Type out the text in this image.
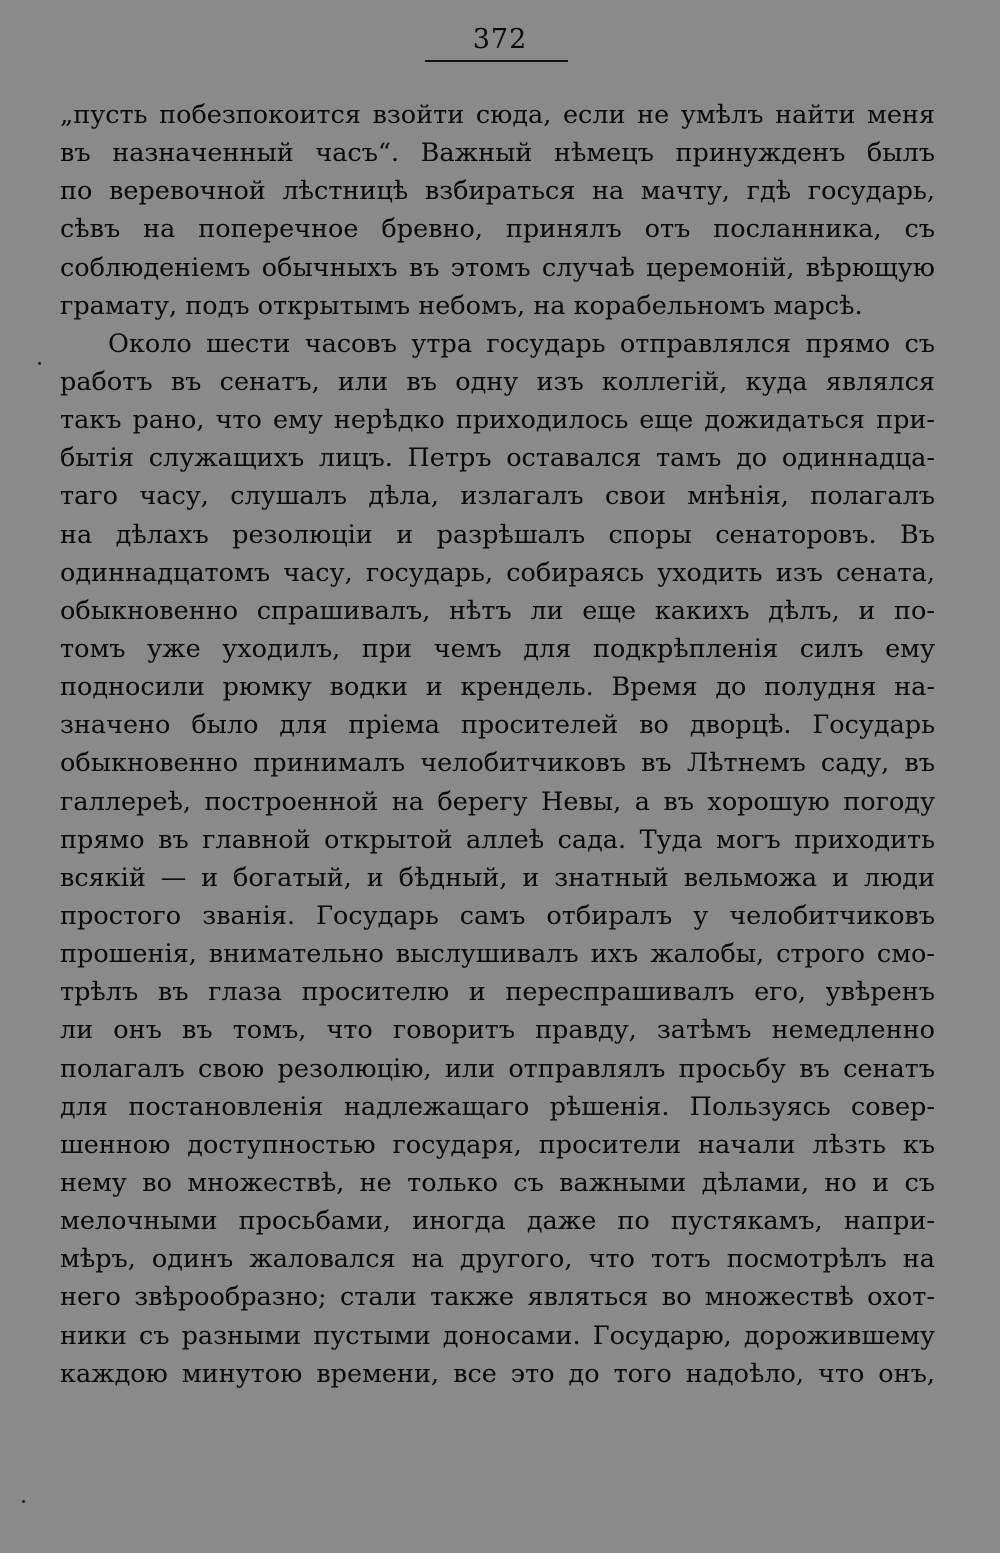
372
„пусть побезпокоится взойти сюда, если не умѣлъ найти меня
въ назначенный часъ“. Важный нѣмецъ принужденъ былъ
по веревочной лѣстницѣ взбираться на мачту, гдѣ государь,
сѣвъ на поперечное бревно, принялъ отъ посланника, съ
соблюденіемъ обычныхъ въ этомъ случаѣ церемоній, вѣрющую
грамату, подъ открытымъ небомъ, на корабельномъ марсѣ.
Около шести часовъ утра государь отправлялся прямо съ
работъ въ сенатъ, или въ одну изъ коллегій, куда являлся
такъ рано, что ему нерѣдко приходилось еще дожидаться при-
бытія служащихъ лицъ. Петръ оставался тамъ до одиннадца-
таго часу, слушалъ дѣла, излагалъ свои мнѣнія, полагалъ
на дѣлахъ резолюціи и разрѣшалъ споры сенаторовъ. Въ
одиннадцатомъ часу, государь, собираясь уходить изъ сената,
обыкновенно спрашивалъ, нѣтъ ли еще какихъ дѣлъ, и по-
томъ уже уходилъ, при чемъ для подкрѣпленія силъ ему
подносили рюмку водки и крендель. Время до полудня на-
значено было для пріема просителей во дворцѣ. Государь
обыкновенно принималъ челобитчиковъ въ Лѣтнемъ саду, въ
галлереѣ, построенной на берегу Невы, а въ хорошую погоду
прямо въ главной открытой аллеѣ сада. Туда могъ приходить
всякій — и богатый, и бѣдный, и знатный вельможа и люди
простого званія. Государь самъ отбиралъ у челобитчиковъ
прошенія, внимательно выслушивалъ ихъ жалобы, строго смо-
трѣлъ въ глаза просителю и переспрашивалъ его, увѣренъ
ли онъ въ томъ, что говоритъ правду, затѣмъ немедленно
полагалъ свою резолюцію, или отправлялъ просьбу въ сенатъ
для постановленія надлежащаго рѣшенія. Пользуясь совер-
шенною доступностью государя, просители начали лѣзть къ
нему во множествѣ, не только съ важными дѣлами, но и съ
мелочными просьбами, иногда даже по пустякамъ, напри-
мѣръ, одинъ жаловался на другого, что тотъ посмотрѣлъ на
него звѣрообразно; стали также являться во множествѣ охот-
ники съ разными пустыми доносами. Государю, дорожившему
каждою минутою времени, все это до того надоѣло, что онъ,
